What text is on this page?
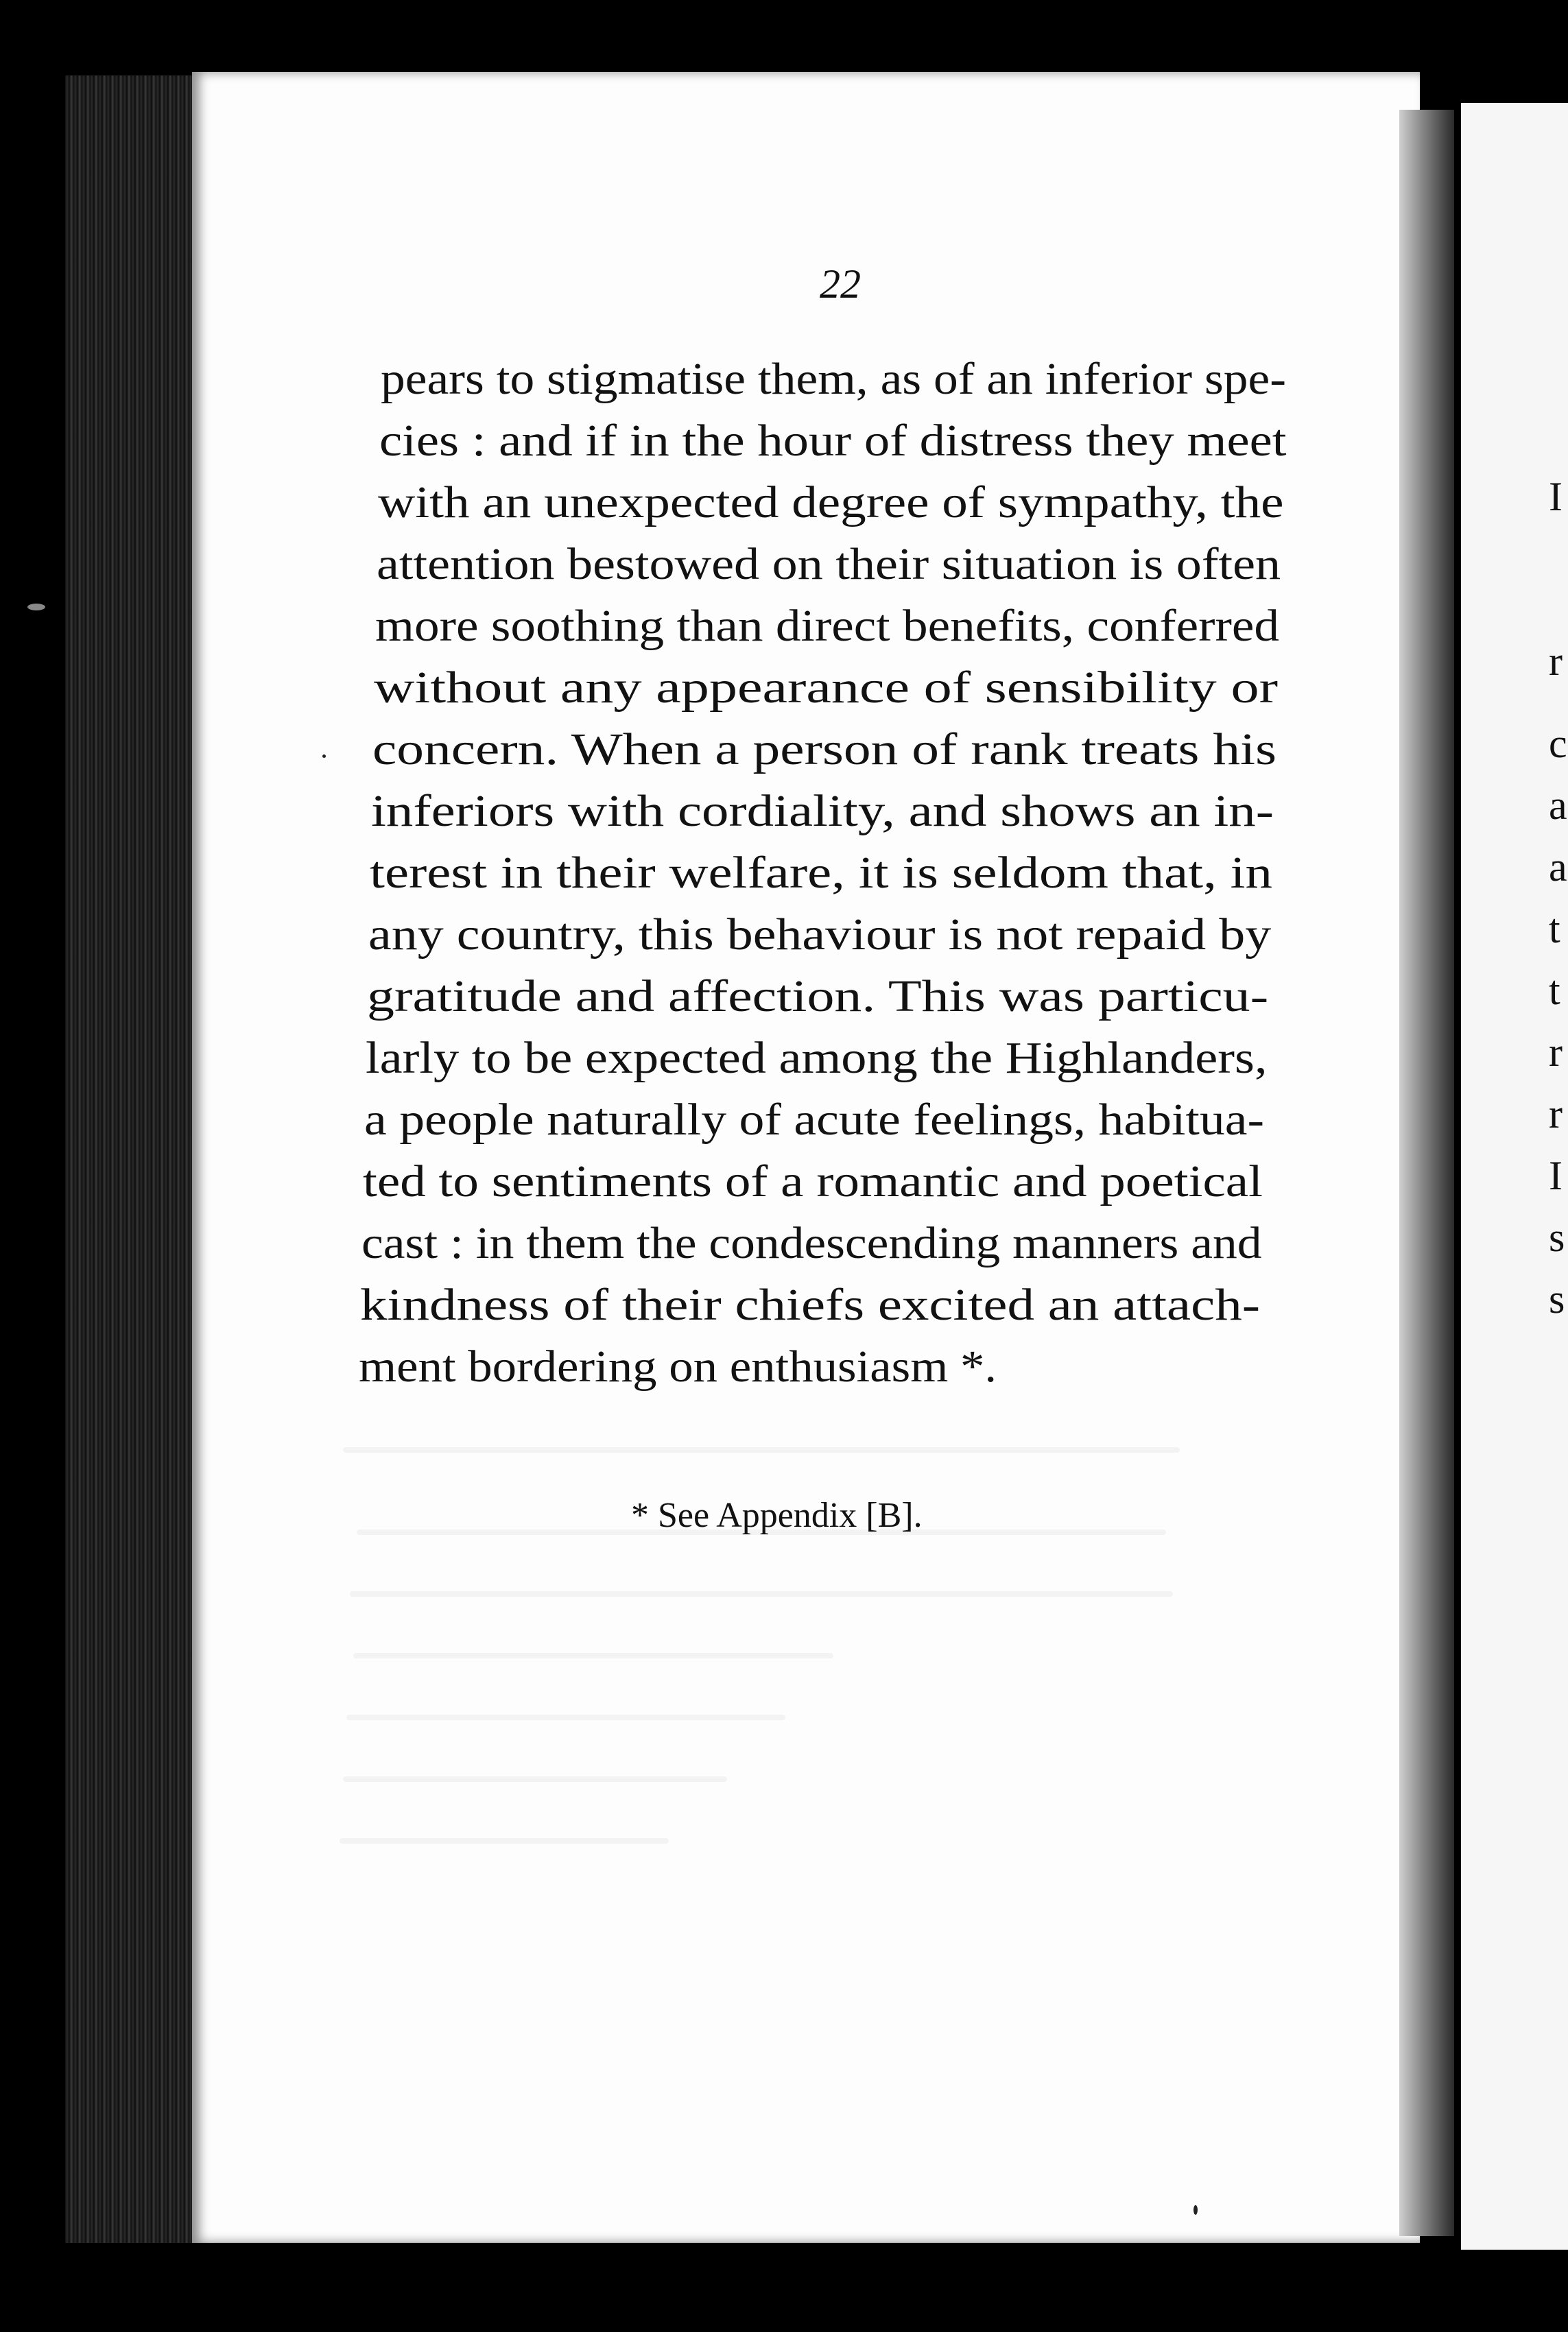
22
pears to stigmatise them, as of an inferior spe-
cies : and if in the hour of distress they meet
with an unexpected degree of sympathy, the
attention bestowed on their situation is often
more soothing than direct benefits, conferred
without any appearance of sensibility or
concern. When a person of rank treats his
inferiors with cordiality, and shows an in-
terest in their welfare, it is seldom that, in
any country, this behaviour is not repaid by
gratitude and affection. This was particu-
larly to be expected among the Highlanders,
a people naturally of acute feelings, habitua-
ted to sentiments of a romantic and poetical
cast : in them the condescending manners and
kindness of their chiefs excited an attach-
ment bordering on enthusiasm *.
* See Appendix [B].
I
r
c
a
a
t
t
r
r
I
s
s
